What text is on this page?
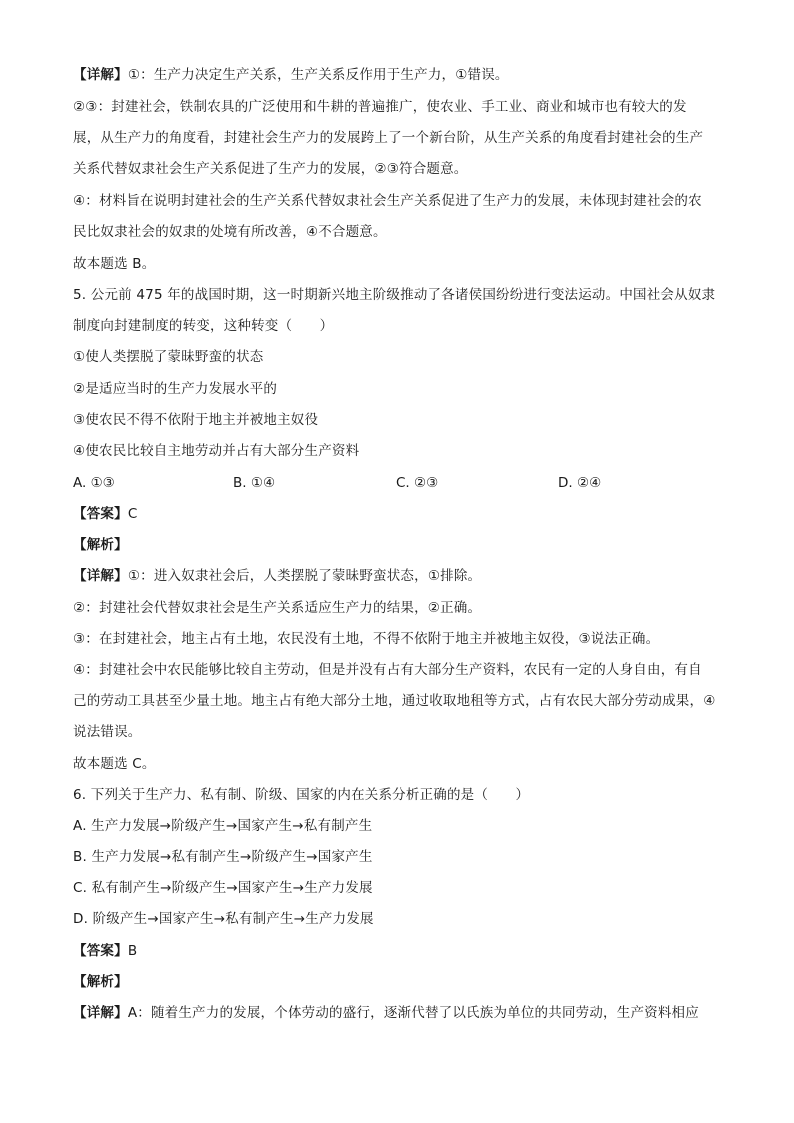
【详解】①：生产力决定生产关系，生产关系反作用于生产力，①错误。
②③：封建社会，铁制农具的广泛使用和牛耕的普遍推广，使农业、手工业、商业和城市也有较大的发
展，从生产力的角度看，封建社会生产力的发展跨上了一个新台阶，从生产关系的角度看封建社会的生产
关系代替奴隶社会生产关系促进了生产力的发展，②③符合题意。
④：材料旨在说明封建社会的生产关系代替奴隶社会生产关系促进了生产力的发展，未体现封建社会的农
民比奴隶社会的奴隶的处境有所改善，④不合题意。
故本题选 B。
5. 公元前 475 年的战国时期，这一时期新兴地主阶级推动了各诸侯国纷纷进行变法运动。中国社会从奴隶
制度向封建制度的转变，这种转变（　　）
①使人类摆脱了蒙昧野蛮的状态
②是适应当时的生产力发展水平的
③使农民不得不依附于地主并被地主奴役
④使农民比较自主地劳动并占有大部分生产资料
A. ①③	B. ①④	C. ②③	D. ②④
【答案】C
【解析】
【详解】①：进入奴隶社会后，人类摆脱了蒙昧野蛮状态，①排除。
②：封建社会代替奴隶社会是生产关系适应生产力的结果，②正确。
③：在封建社会，地主占有土地，农民没有土地，不得不依附于地主并被地主奴役，③说法正确。
④：封建社会中农民能够比较自主劳动，但是并没有占有大部分生产资料，农民有一定的人身自由，有自
己的劳动工具甚至少量土地。地主占有绝大部分土地，通过收取地租等方式，占有农民大部分劳动成果，④
说法错误。
故本题选 C。
6. 下列关于生产力、私有制、阶级、国家的内在关系分析正确的是（　　）
A. 生产力发展→阶级产生→国家产生→私有制产生
B. 生产力发展→私有制产生→阶级产生→国家产生
C. 私有制产生→阶级产生→国家产生→生产力发展
D. 阶级产生→国家产生→私有制产生→生产力发展
【答案】B
【解析】
【详解】A：随着生产力的发展，个体劳动的盛行，逐渐代替了以氏族为单位的共同劳动，生产资料相应
